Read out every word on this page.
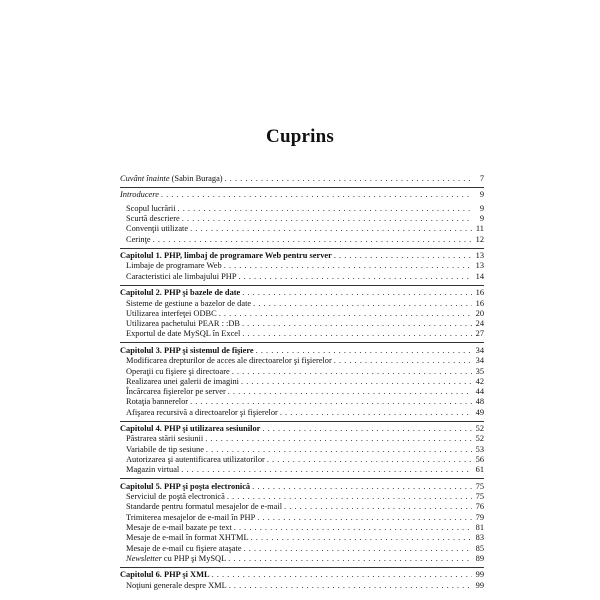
Cuprins
Cuvânt înainte (Sabin Buraga) . . .	7
Introducere . . .	9
Scopul lucrării . . .	9
Scurtă descriere . . .	9
Convenţii utilizate . . .	11
Cerinţe . . .	12
Capitolul 1. PHP, limbaj de programare Web pentru server . . .	13
Limbaje de programare Web . . .	13
Caracteristici ale limbajului PHP . . .	14
Capitolul 2. PHP şi bazele de date . . .	16
Sisteme de gestiune a bazelor de date . . .	16
Utilizarea interfeţei ODBC . . .	20
Utilizarea pachetului PEAR : :DB . . .	24
Exportul de date MySQL în Excel . . .	27
Capitolul 3. PHP şi sistemul de fişiere . . .	34
Modificarea drepturilor de acces ale directoarelor şi fişierelor . . .	34
Operaţii cu fişiere şi directoare . . .	35
Realizarea unei galerii de imagini . . .	42
Încărcarea fişierelor pe server . . .	44
Rotaţia bannerelor . . .	48
Afişarea recursivă a directoarelor şi fişierelor . . .	49
Capitolul 4. PHP şi utilizarea sesiunilor . . .	52
Păstrarea stării sesiunii . . .	52
Variabile de tip sesiune . . .	53
Autorizarea şi autentificarea utilizatorilor . . .	56
Magazin virtual . . .	61
Capitolul 5. PHP şi poşta electronică . . .	75
Serviciul de poştă electronică . . .	75
Standarde pentru formatul mesajelor de e-mail . . .	76
Trimiterea mesajelor de e-mail în PHP . . .	79
Mesaje de e-mail bazate pe text . . .	81
Mesaje de e-mail în format XHTML . . .	83
Mesaje de e-mail cu fişiere ataşate . . .	85
Newsletter cu PHP şi MySQL . . .	89
Capitolul 6. PHP şi XML . . .	99
Noţiuni generale despre XML . . .	99
